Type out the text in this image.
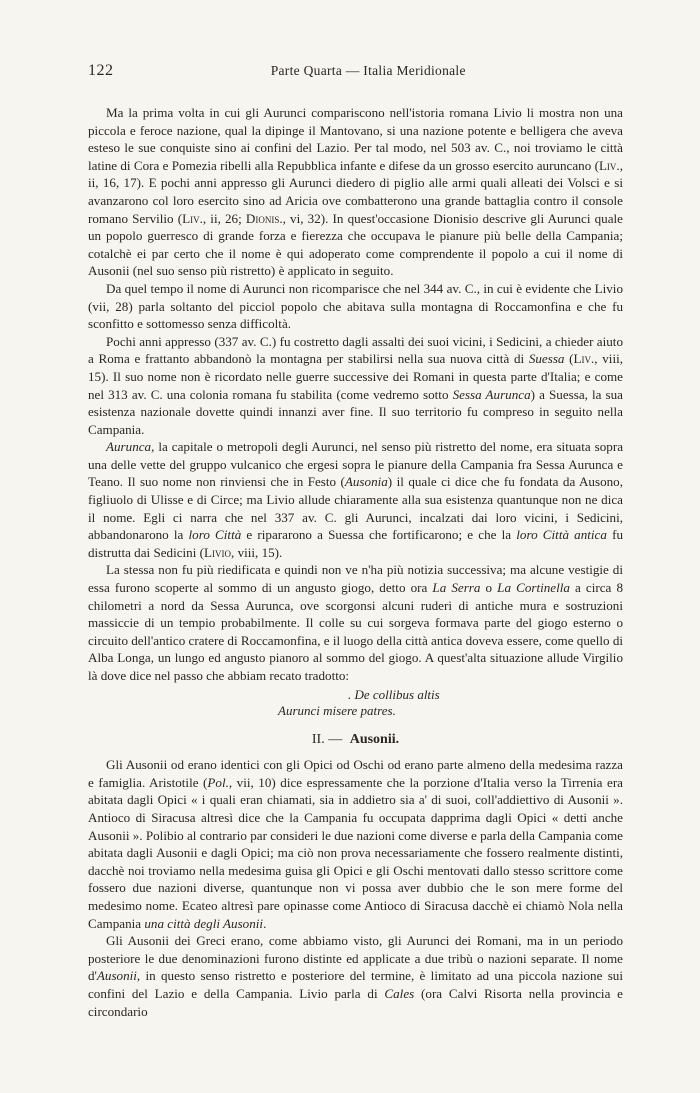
122	Parte Quarta — Italia Meridionale

Ma la prima volta in cui gli Aurunci compariscono nell'istoria romana Livio li mostra non una piccola e feroce nazione, qual la dipinge il Mantovano, si una nazione potente e belligera che aveva esteso le sue conquiste sino ai confini del Lazio. Per tal modo, nel 503 av. C., noi troviamo le città latine di Cora e Pomezia ribelli alla Repubblica infante e difese da un grosso esercito auruncano (Liv., ii, 16, 17). E pochi anni appresso gli Aurunci diedero di piglio alle armi quali alleati dei Volsci e si avanzarono col loro esercito sino ad Aricia ove combatterono una grande battaglia contro il console romano Servilio (Liv., ii, 26; Dionis., vi, 32). In quest'occasione Dionisio descrive gli Aurunci quale un popolo guerresco di grande forza e fierezza che occupava le pianure più belle della Campania; cotalchè ei par certo che il nome è qui adoperato come comprendente il popolo a cui il nome di Ausonii (nel suo senso più ristretto) è applicato in seguito.

Da quel tempo il nome di Aurunci non ricomparisce che nel 344 av. C., in cui è evidente che Livio (vii, 28) parla soltanto del picciol popolo che abitava sulla montagna di Roccamonfina e che fu sconfitto e sottomesso senza difficoltà.

Pochi anni appresso (337 av. C.) fu costretto dagli assalti dei suoi vicini, i Sedicini, a chieder aiuto a Roma e frattanto abbandonò la montagna per stabilirsi nella sua nuova città di Suessa (Liv., viii, 15). Il suo nome non è ricordato nelle guerre successive dei Romani in questa parte d'Italia; e come nel 313 av. C. una colonia romana fu stabilita (come vedremo sotto Sessa Aurunca) a Suessa, la sua esistenza nazionale dovette quindi innanzi aver fine. Il suo territorio fu compreso in seguito nella Campania.

Aurunca, la capitale o metropoli degli Aurunci, nel senso più ristretto del nome, era situata sopra una delle vette del gruppo vulcanico che ergesi sopra le pianure della Campania fra Sessa Aurunca e Teano. Il suo nome non rinviensi che in Festo (Ausonia) il quale ci dice che fu fondata da Ausono, figliuolo di Ulisse e di Circe; ma Livio allude chiaramente alla sua esistenza quantunque non ne dica il nome. Egli ci narra che nel 337 av. C. gli Aurunci, incalzati dai loro vicini, i Sedicini, abbandonarono la loro Città e ripararono a Suessa che fortificarono; e che la loro Città antica fu distrutta dai Sedicini (Livio, viii, 15).

La stessa non fu più riedificata e quindi non ve n'ha più notizia successiva; ma alcune vestigie di essa furono scoperte al sommo di un angusto giogo, detto ora La Serra o La Cortinella a circa 8 chilometri a nord da Sessa Aurunca, ove scorgonsi alcuni ruderi di antiche mura e sostruzioni massiccie di un tempio probabilmente. Il colle su cui sorgeva formava parte del giogo esterno o circuito dell'antico cratere di Roccamonfina, e il luogo della città antica doveva essere, come quello di Alba Longa, un lungo ed angusto pianoro al sommo del giogo. A quest'alta situazione allude Virgilio là dove dice nel passo che abbiam recato tradotto:

. De collibus altis
Aurunci misere patres.
II. — Ausonii.

Gli Ausonii od erano identici con gli Opici od Oschi od erano parte almeno della medesima razza e famiglia. Aristotile (Pol., vii, 10) dice espressamente che la porzione d'Italia verso la Tirrenia era abitata dagli Opici « i quali eran chiamati, sia in addietro sia a' di suoi, coll'addiettivo di Ausonii ». Antioco di Siracusa altresì dice che la Campania fu occupata dapprima dagli Opici « detti anche Ausonii ». Polibio al contrario par consideri le due nazioni come diverse e parla della Campania come abitata dagli Ausonii e dagli Opici; ma ciò non prova necessariamente che fossero realmente distinti, dacchè noi troviamo nella medesima guisa gli Opici e gli Oschi mentovati dallo stesso scrittore come fossero due nazioni diverse, quantunque non vi possa aver dubbio che le son mere forme del medesimo nome. Ecateo altresì pare opinasse come Antioco di Siracusa dacchè ei chiamò Nola nella Campania una città degli Ausonii.

Gli Ausonii dei Greci erano, come abbiamo visto, gli Aurunci dei Romani, ma in un periodo posteriore le due denominazioni furono distinte ed applicate a due tribù o nazioni separate. Il nome d'Ausonii, in questo senso ristretto e posteriore del termine, è limitato ad una piccola nazione sui confini del Lazio e della Campania. Livio parla di Cales (ora Calvi Risorta nella provincia e circondario
